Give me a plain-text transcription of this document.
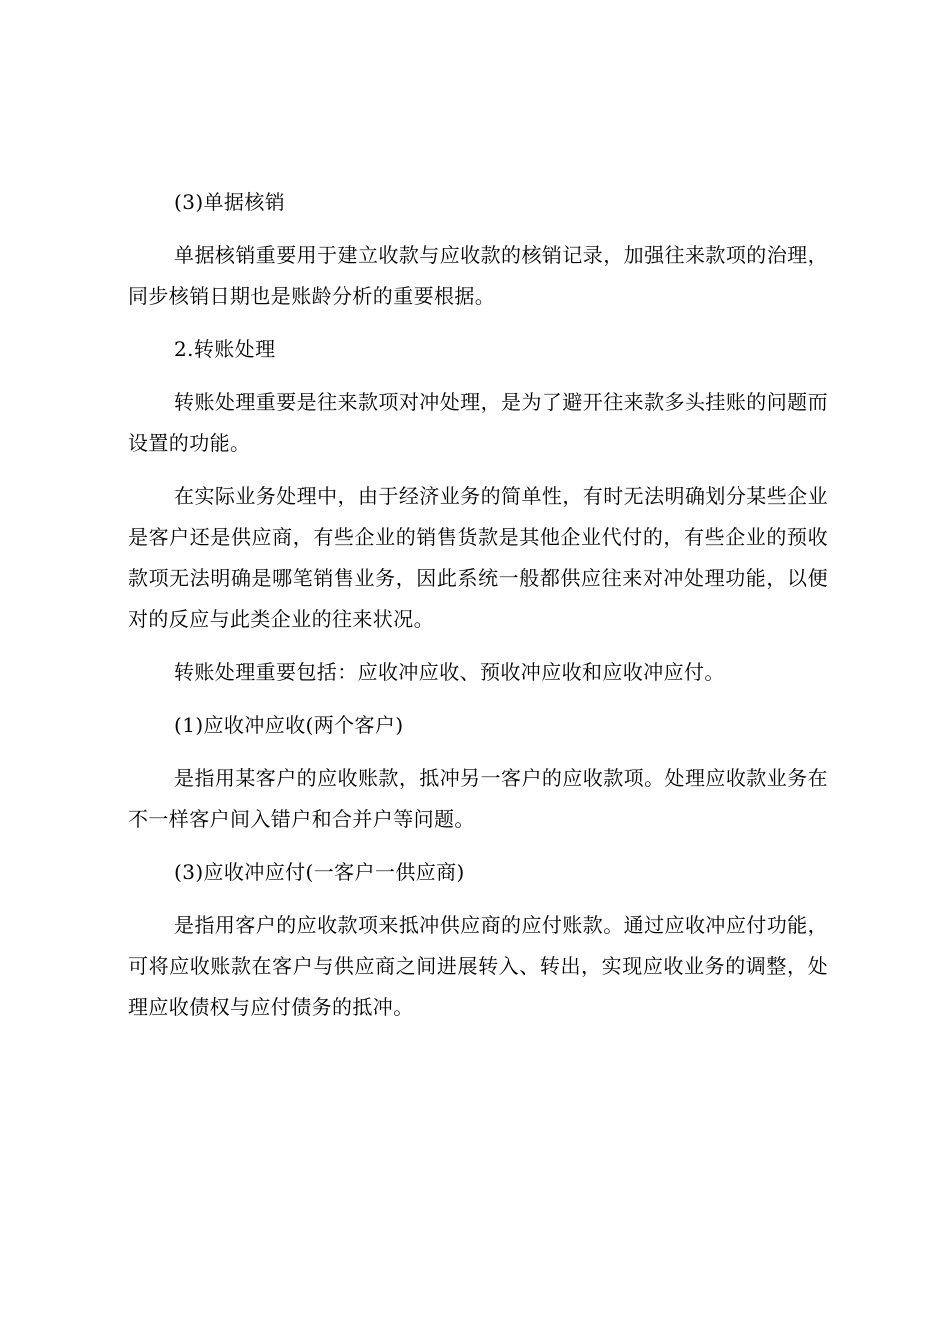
(3)单据核销

单据核销重要用于建立收款与应收款的核销记录，加强往来款项的治理，同步核销日期也是账龄分析的重要根据。

2.转账处理

转账处理重要是往来款项对冲处理，是为了避开往来款多头挂账的问题而设置的功能。

在实际业务处理中，由于经济业务的简单性，有时无法明确划分某些企业是客户还是供应商，有些企业的销售货款是其他企业代付的，有些企业的预收款项无法明确是哪笔销售业务，因此系统一般都供应往来对冲处理功能，以便对的反应与此类企业的往来状况。

转账处理重要包括：应收冲应收、预收冲应收和应收冲应付。

(1)应收冲应收(两个客户)

是指用某客户的应收账款，抵冲另一客户的应收款项。处理应收款业务在不一样客户间入错户和合并户等问题。

(3)应收冲应付(一客户一供应商)

是指用客户的应收款项来抵冲供应商的应付账款。通过应收冲应付功能，可将应收账款在客户与供应商之间进展转入、转出，实现应收业务的调整，处理应收债权与应付债务的抵冲。
